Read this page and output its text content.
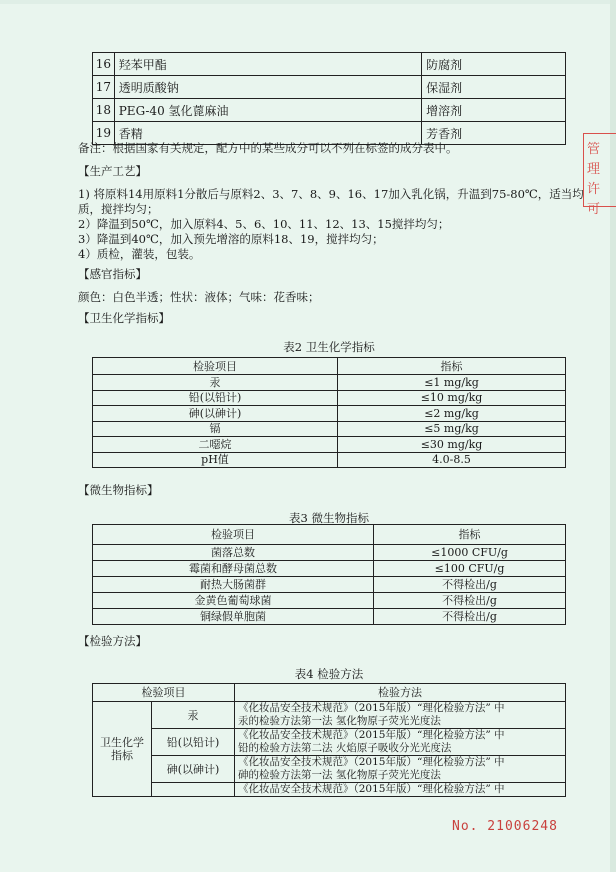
16	羟苯甲酯	防腐剂
17	透明质酸钠	保湿剂
18	PEG-40 氢化蓖麻油	增溶剂
19	香精	芳香剂
备注：根据国家有关规定，配方中的某些成分可以不列在标签的成分表中。
【生产工艺】
1) 将原料14用原料1分散后与原料2、3、7、8、9、16、17加入乳化锅，升温到75-80℃，适当均
质，搅拌均匀；
2）降温到50℃，加入原料4、5、6、10、11、12、13、15搅拌均匀；
3）降温到40℃，加入预先增溶的原料18、19，搅拌均匀；
4）质检，灌装，包装。
【感官指标】
颜色：白色半透；性状：液体；气味：花香味；
【卫生化学指标】
表2 卫生化学指标
检验项目	指标
汞	≤1 mg/kg
铅(以铅计)	≤10 mg/kg
砷(以砷计)	≤2 mg/kg
镉	≤5 mg/kg
二噁烷	≤30 mg/kg
pH值	4.0-8.5
【微生物指标】
表3 微生物指标
检验项目	指标
菌落总数	≤1000 CFU/g
霉菌和酵母菌总数	≤100 CFU/g
耐热大肠菌群	不得检出/g
金黄色葡萄球菌	不得检出/g
铜绿假单胞菌	不得检出/g
【检验方法】
表4 检验方法
检验项目		检验方法
卫生化学指标	汞	《化妆品安全技术规范》（2015年版）“理化检验方法” 中
汞的检验方法第一法 氢化物原子荧光光度法

	铅(以铅计)	《化妆品安全技术规范》（2015年版）“理化检验方法” 中
铅的检验方法第二法 火焰原子吸收分光光度法

	砷(以砷计)	《化妆品安全技术规范》（2015年版）“理化检验方法” 中
砷的检验方法第一法 氢化物原子荧光光度法

		《化妆品安全技术规范》（2015年版）“理化检验方法” 中
管 理
许 可
No. 21006248
